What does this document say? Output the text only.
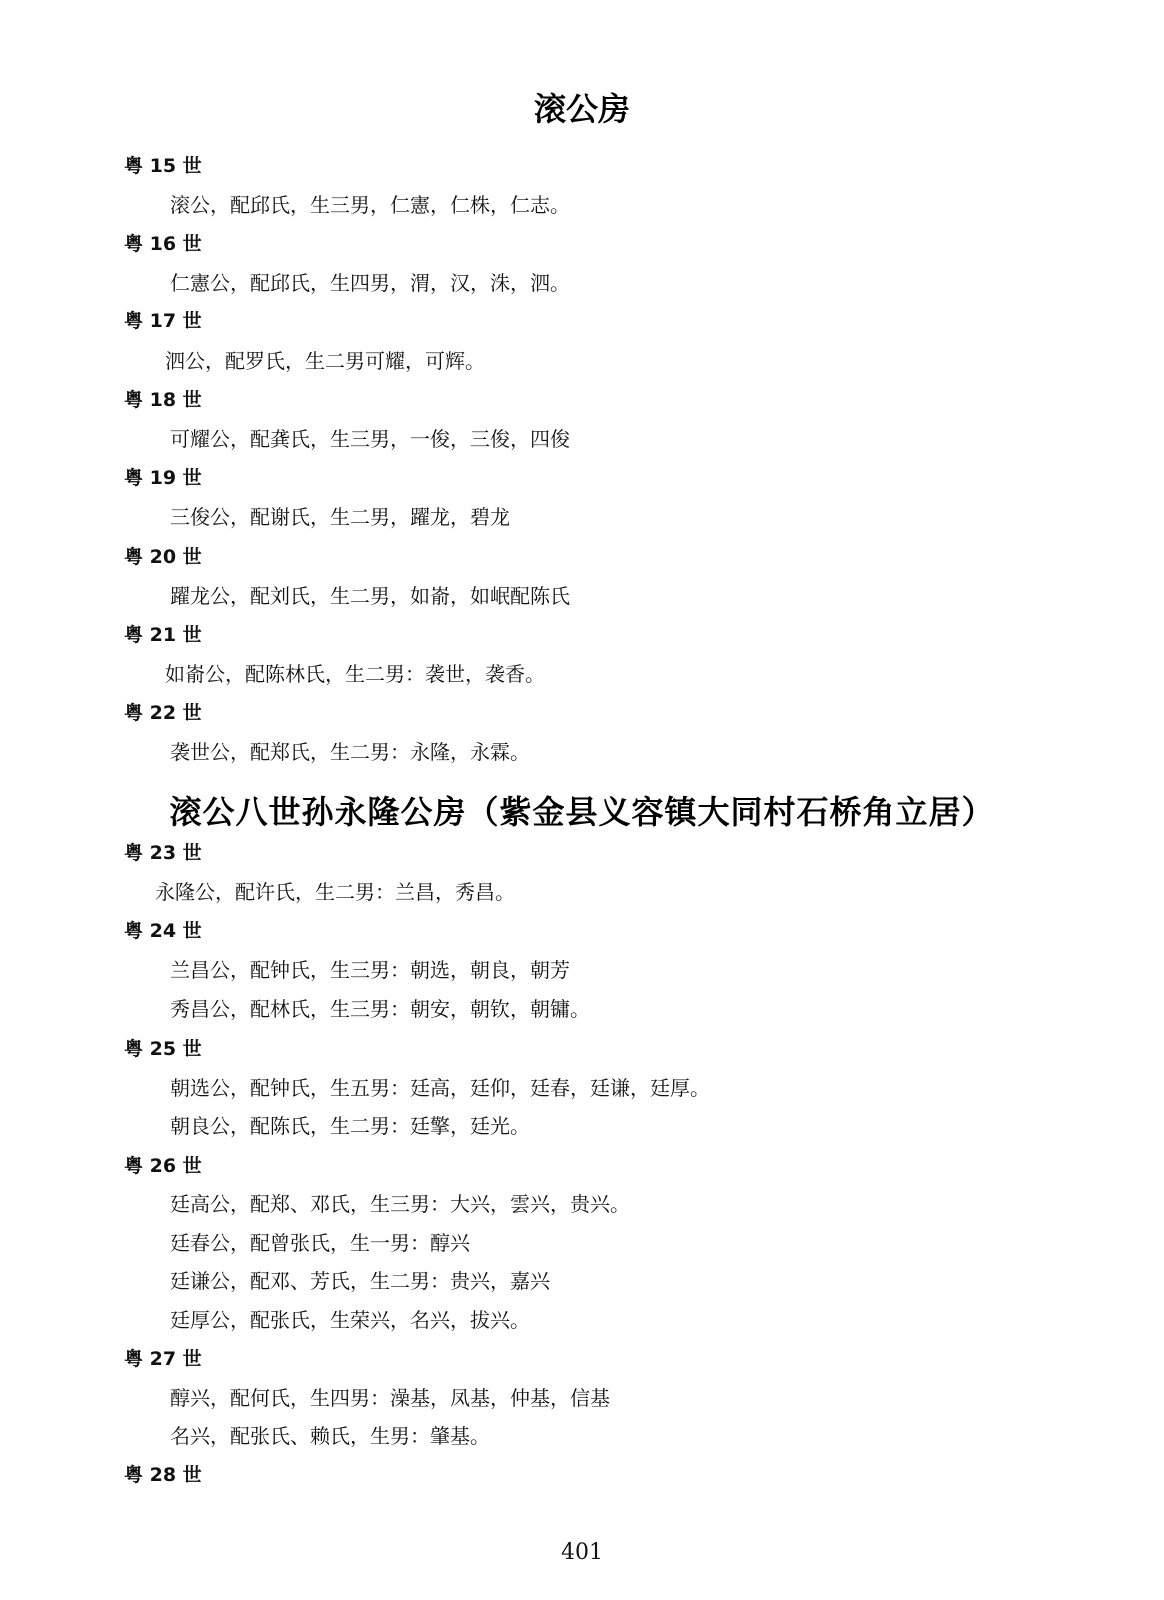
滚公房
粤 15 世
滚公，配邱氏，生三男，仁憲，仁株，仁志。
粤 16 世
仁憲公，配邱氏，生四男，渭，汉，洙，泗。
粤 17 世
泗公，配罗氏，生二男可耀，可辉。
粤 18 世
可耀公，配龚氏，生三男，一俊，三俊，四俊
粤 19 世
三俊公，配谢氏，生二男，躍龙，碧龙
粤 20 世
躍龙公，配刘氏，生二男，如嵛，如岷配陈氏
粤 21 世
如嵛公，配陈林氏，生二男：袭世，袭香。
粤 22 世
袭世公，配郑氏，生二男：永隆，永霖。
滚公八世孙永隆公房（紫金县义容镇大同村石桥角立居）
粤 23 世
永隆公，配许氏，生二男：兰昌，秀昌。
粤 24 世
兰昌公，配钟氏，生三男：朝选，朝良，朝芳
秀昌公，配林氏，生三男：朝安，朝钦，朝镛。
粤 25 世
朝选公，配钟氏，生五男：廷高，廷仰，廷春，廷谦，廷厚。
朝良公，配陈氏，生二男：廷擎，廷光。
粤 26 世
廷高公，配郑、邓氏，生三男：大兴，雲兴，贵兴。
廷春公，配曾张氏，生一男：醇兴
廷谦公，配邓、芳氏，生二男：贵兴，嘉兴
廷厚公，配张氏，生荣兴，名兴，拔兴。
粤 27 世
醇兴，配何氏，生四男：澡基，凤基，仲基，信基
名兴，配张氏、赖氏，生男：肇基。
粤 28 世
401
